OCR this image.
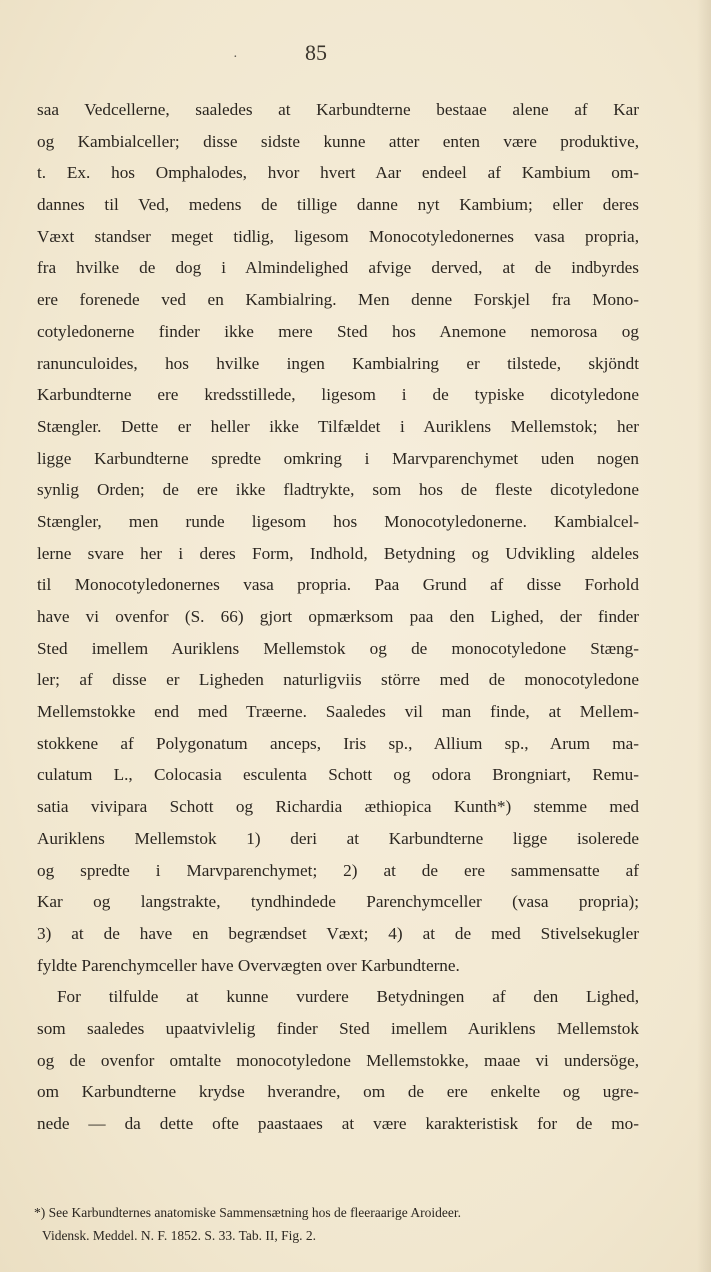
·	85
saa Vedcellerne, saaledes at Karbundterne bestaae alene af Kar
og Kambialceller; disse sidste kunne atter enten være produktive,
t. Ex. hos Omphalodes, hvor hvert Aar endeel af Kambium om-
dannes til Ved, medens de tillige danne nyt Kambium; eller deres
Væxt standser meget tidlig, ligesom Monocotyledonernes vasa propria,
fra hvilke de dog i Almindelighed afvige derved, at de indbyrdes
ere forenede ved en Kambialring. Men denne Forskjel fra Mono-
cotyledonerne finder ikke mere Sted hos Anemone nemorosa og
ranunculoides, hos hvilke ingen Kambialring er tilstede, skjöndt
Karbundterne ere kredsstillede, ligesom i de typiske dicotyledone
Stængler. Dette er heller ikke Tilfældet i Auriklens Mellemstok; her
ligge Karbundterne spredte omkring i Marvparenchymet uden nogen
synlig Orden; de ere ikke fladtrykte, som hos de fleste dicotyledone
Stængler, men runde ligesom hos Monocotyledonerne. Kambialcel-
lerne svare her i deres Form, Indhold, Betydning og Udvikling aldeles
til Monocotyledonernes vasa propria. Paa Grund af disse Forhold
have vi ovenfor (S. 66) gjort opmærksom paa den Lighed, der finder
Sted imellem Auriklens Mellemstok og de monocotyledone Stæng-
ler; af disse er Ligheden naturligviis större med de monocotyledone
Mellemstokke end med Træerne. Saaledes vil man finde, at Mellem-
stokkene af Polygonatum anceps, Iris sp., Allium sp., Arum ma-
culatum L., Colocasia esculenta Schott og odora Brongniart, Remu-
satia vivipara Schott og Richardia æthiopica Kunth*) stemme med
Auriklens Mellemstok 1) deri at Karbundterne ligge isolerede
og spredte i Marvparenchymet; 2) at de ere sammensatte af
Kar og langstrakte, tyndhindede Parenchymceller (vasa propria);
3) at de have en begrændset Væxt; 4) at de med Stivelsekugler
fyldte Parenchymceller have Overvægten over Karbundterne.
For tilfulde at kunne vurdere Betydningen af den Lighed,
som saaledes upaatvivlelig finder Sted imellem Auriklens Mellemstok
og de ovenfor omtalte monocotyledone Mellemstokke, maae vi undersöge,
om Karbundterne krydse hverandre, om de ere enkelte og ugre-
nede — da dette ofte paastaaes at være karakteristisk for de mo-
*) See Karbundternes anatomiske Sammensætning hos de fleeraarige Aroideer.
Vidensk. Meddel. N. F. 1852. S. 33. Tab. II, Fig. 2.
